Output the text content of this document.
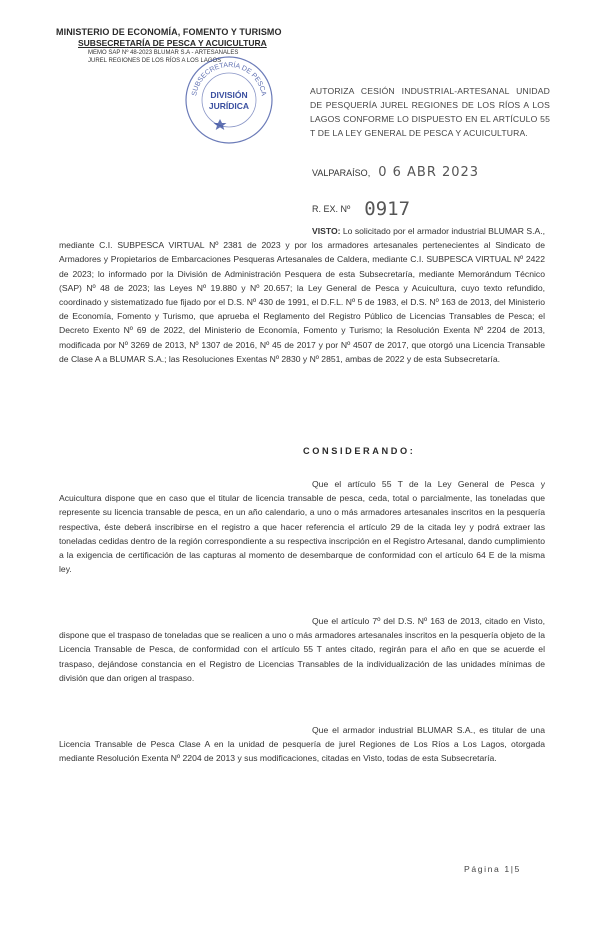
MINISTERIO DE ECONOMÍA, FOMENTO Y TURISMO
SUBSECRETARÍA DE PESCA Y ACUICULTURA
MEMO SAP Nº 48-2023 BLUMAR S.A - ARTESANALES
JUREL REGIONES DE LOS RÍOS A LOS LAGOS
SUBSECRETARÍA DE PESCA
DIVISIÓN
JURÍDICA
AUTORIZA CESIÓN INDUSTRIAL-ARTESANAL UNIDAD DE PESQUERÍA JUREL REGIONES DE LOS RÍOS A LOS LAGOS CONFORME LO DISPUESTO EN EL ARTÍCULO 55 T DE LA LEY GENERAL DE PESCA Y ACUICULTURA.
VALPARAÍSO, 0 6 ABR 2023
R. EX. Nº 0917
VISTO: Lo solicitado por el armador industrial BLUMAR S.A., mediante C.I. SUBPESCA VIRTUAL Nº 2381 de 2023 y por los armadores artesanales pertenecientes al Sindicato de Armadores y Propietarios de Embarcaciones Pesqueras Artesanales de Caldera, mediante C.I. SUBPESCA VIRTUAL Nº 2422 de 2023; lo informado por la División de Administración Pesquera de esta Subsecretaría, mediante Memorándum Técnico (SAP) Nº 48 de 2023; las Leyes Nº 19.880 y Nº 20.657; la Ley General de Pesca y Acuicultura, cuyo texto refundido, coordinado y sistematizado fue fijado por el D.S. Nº 430 de 1991, el D.F.L. Nº 5 de 1983, el D.S. Nº 163 de 2013, del Ministerio de Economía, Fomento y Turismo, que aprueba el Reglamento del Registro Público de Licencias Transables de Pesca; el Decreto Exento Nº 69 de 2022, del Ministerio de Economía, Fomento y Turismo; la Resolución Exenta Nº 2204 de 2013, modificada por Nº 3269 de 2013, Nº 1307 de 2016, Nº 45 de 2017 y por Nº 4507 de 2017, que otorgó una Licencia Transable de Clase A a BLUMAR S.A.; las Resoluciones Exentas Nº 2830 y Nº 2851, ambas de 2022 y de esta Subsecretaría.
CONSIDERANDO:
Que el artículo 55 T de la Ley General de Pesca y Acuicultura dispone que en caso que el titular de licencia transable de pesca, ceda, total o parcialmente, las toneladas que represente su licencia transable de pesca, en un año calendario, a uno o más armadores artesanales inscritos en la pesquería respectiva, éste deberá inscribirse en el registro a que hacer referencia el artículo 29 de la citada ley y podrá extraer las toneladas cedidas dentro de la región correspondiente a su respectiva inscripción en el Registro Artesanal, dando cumplimiento a la exigencia de certificación de las capturas al momento de desembarque de conformidad con el artículo 64 E de la misma ley.
Que el artículo 7º del D.S. Nº 163 de 2013, citado en Visto, dispone que el traspaso de toneladas que se realicen a uno o más armadores artesanales inscritos en la pesquería objeto de la Licencia Transable de Pesca, de conformidad con el artículo 55 T antes citado, regirán para el año en que se acuerde el traspaso, dejándose constancia en el Registro de Licencias Transables de la individualización de las unidades mínimas de división que dan origen al traspaso.
Que el armador industrial BLUMAR S.A., es titular de una Licencia Transable de Pesca Clase A en la unidad de pesquería de jurel Regiones de Los Ríos a Los Lagos, otorgada mediante Resolución Exenta Nº 2204 de 2013 y sus modificaciones, citadas en Visto, todas de esta Subsecretaría.
Página 1|5
